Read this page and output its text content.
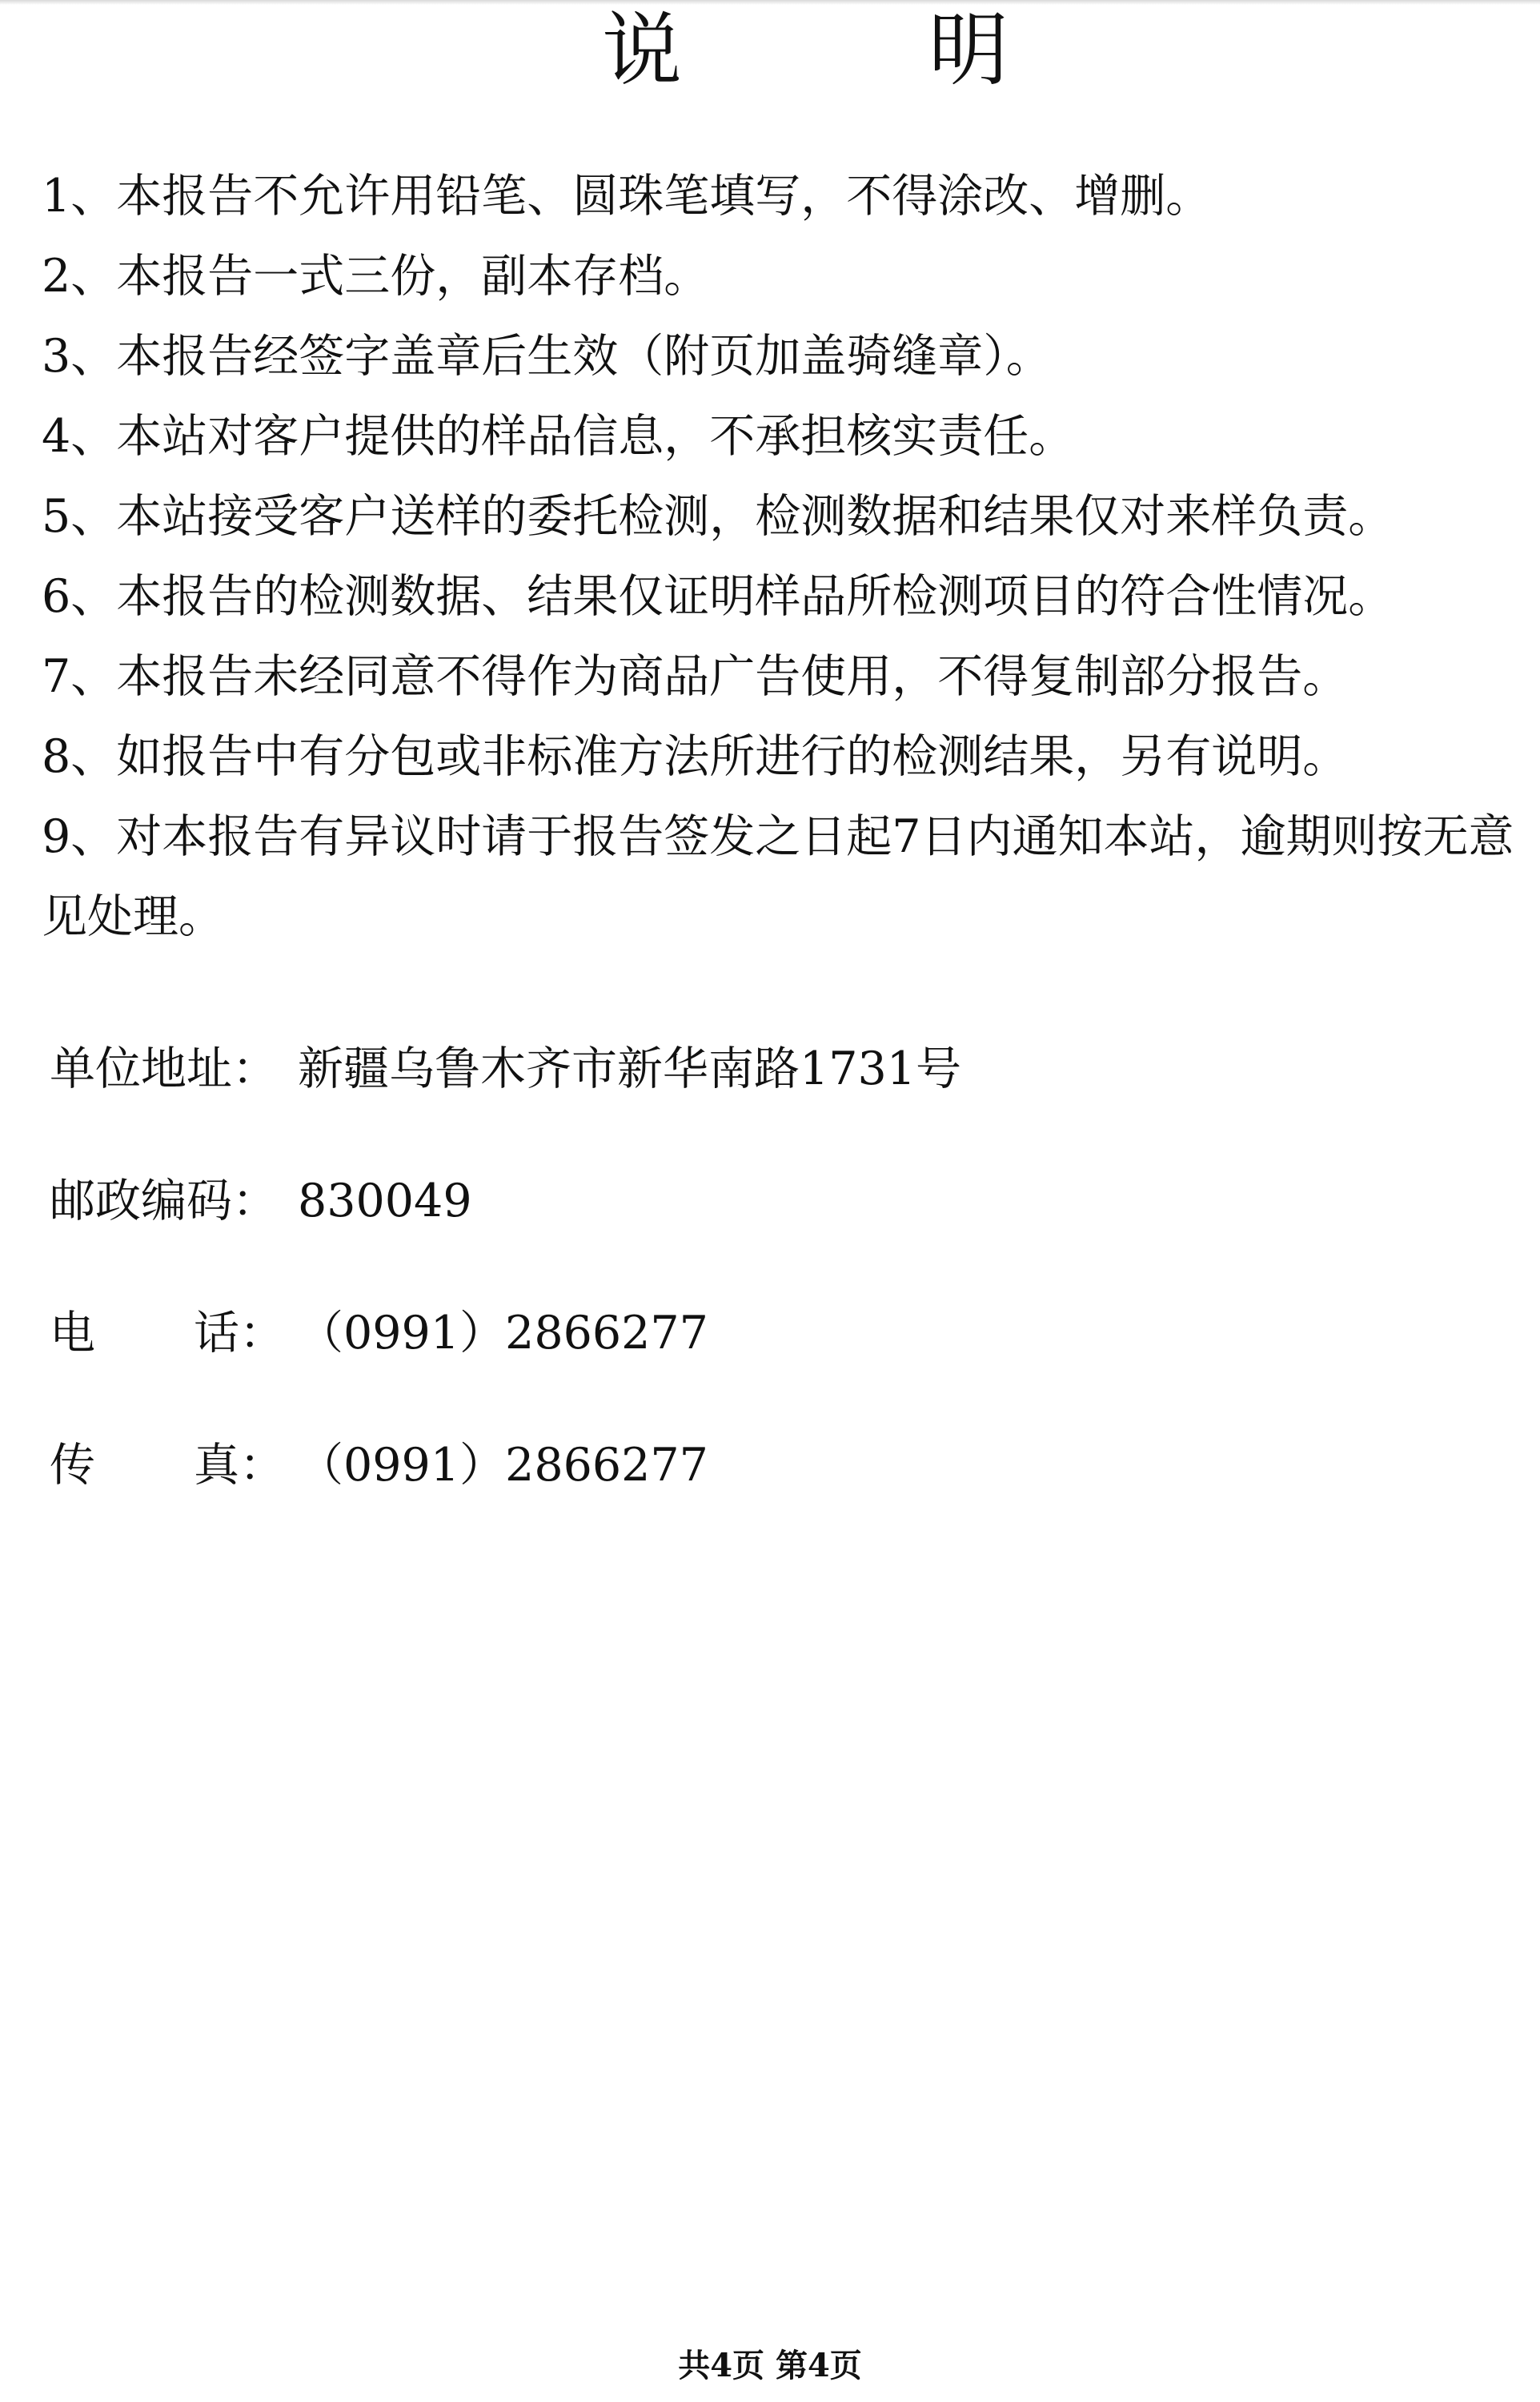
说	明
1、本报告不允许用铅笔、圆珠笔填写，不得涂改、增删。
2、本报告一式三份，副本存档。
3、本报告经签字盖章后生效（附页加盖骑缝章）。
4、本站对客户提供的样品信息，不承担核实责任。
5、本站接受客户送样的委托检测，检测数据和结果仅对来样负责。
6、本报告的检测数据、结果仅证明样品所检测项目的符合性情况。
7、本报告未经同意不得作为商品广告使用，不得复制部分报告。
8、如报告中有分包或非标准方法所进行的检测结果，另有说明。
9、对本报告有异议时请于报告签发之日起7日内通知本站，逾期则按无意见处理。
单位地址： 新疆乌鲁木齐市新华南路1731号
邮政编码： 830049
电 话： （0991）2866277
传 真： （0991）2866277
共4页 第4页
